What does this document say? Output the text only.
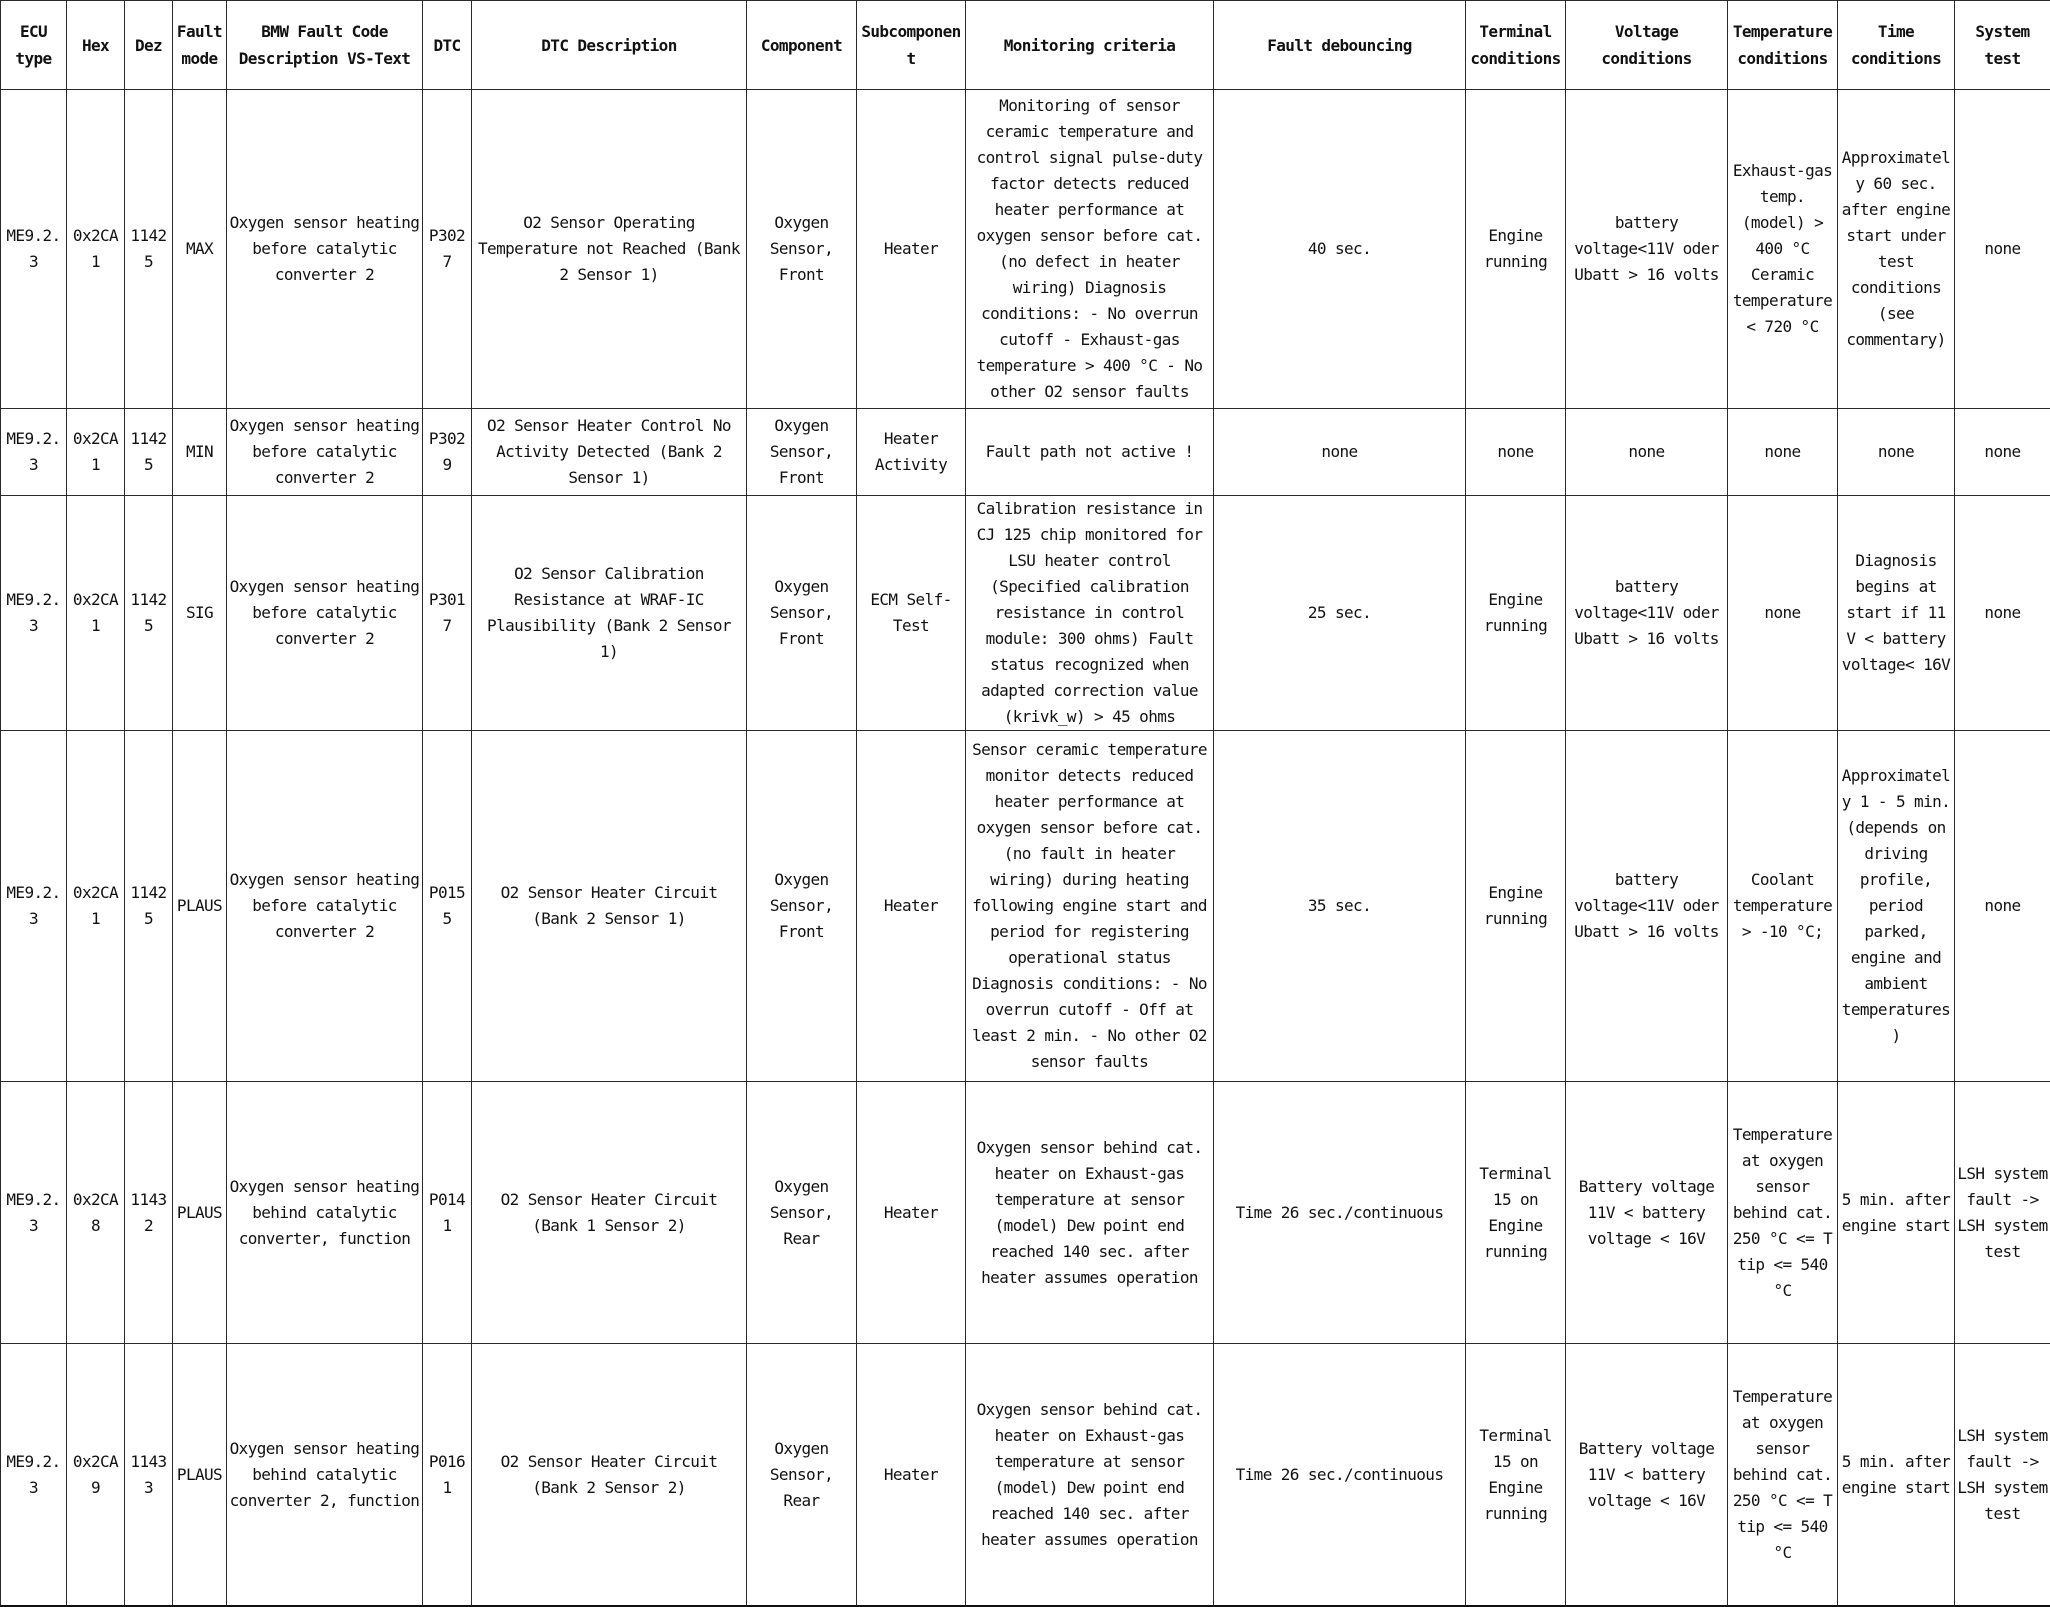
ECU type	Hex	Dez	Fault mode	BMW Fault Code Description VS-Text	DTC	DTC Description	Component	Subcomponent	Monitoring criteria	Fault debouncing	Terminal conditions	Voltage conditions	Temperature conditions	Time conditions	System test
ME9.2.3	0x2CA1	11425	MAX	Oxygen sensor heating before catalytic converter 2	P3027	O2 Sensor Operating Temperature not Reached (Bank 2 Sensor 1)	Oxygen Sensor, Front	Heater	Monitoring of sensor ceramic temperature and control signal pulse-duty factor detects reduced heater performance at oxygen sensor before cat. (no defect in heater wiring) Diagnosis conditions: - No overrun cutoff - Exhaust-gas temperature > 400 °C - No other O2 sensor faults	40 sec.	Engine running	battery voltage<11V oder Ubatt > 16 volts	Exhaust-gas temp. (model) > 400 °C Ceramic temperature < 720 °C	Approximately 60 sec. after engine start under test conditions (see commentary)	none
ME9.2.3	0x2CA1	11425	MIN	Oxygen sensor heating before catalytic converter 2	P3029	O2 Sensor Heater Control No Activity Detected (Bank 2 Sensor 1)	Oxygen Sensor, Front	Heater Activity	Fault path not active !	none	none	none	none	none	none
ME9.2.3	0x2CA1	11425	SIG	Oxygen sensor heating before catalytic converter 2	P3017	O2 Sensor Calibration Resistance at WRAF-IC Plausibility (Bank 2 Sensor 1)	Oxygen Sensor, Front	ECM Self-Test	Calibration resistance in CJ 125 chip monitored for LSU heater control (Specified calibration resistance in control module: 300 ohms) Fault status recognized when adapted correction value (krivk_w) > 45 ohms	25 sec.	Engine running	battery voltage<11V oder Ubatt > 16 volts	none	Diagnosis begins at start if 11 V < battery voltage< 16V	none
ME9.2.3	0x2CA1	11425	PLAUS	Oxygen sensor heating before catalytic converter 2	P0155	O2 Sensor Heater Circuit (Bank 2 Sensor 1)	Oxygen Sensor, Front	Heater	Sensor ceramic temperature monitor detects reduced heater performance at oxygen sensor before cat. (no fault in heater wiring) during heating following engine start and period for registering operational status Diagnosis conditions: - No overrun cutoff - Off at least 2 min. - No other O2 sensor faults	35 sec.	Engine running	battery voltage<11V oder Ubatt > 16 volts	Coolant temperature > -10 °C;	Approximately 1 - 5 min. (depends on driving profile, period parked, engine and ambient temperatures)	none
ME9.2.3	0x2CA8	11432	PLAUS	Oxygen sensor heating behind catalytic converter, function	P0141	O2 Sensor Heater Circuit (Bank 1 Sensor 2)	Oxygen Sensor, Rear	Heater	Oxygen sensor behind cat. heater on Exhaust-gas temperature at sensor (model) Dew point end reached 140 sec. after heater assumes operation	Time 26 sec./continuous	Terminal 15 on Engine running	Battery voltage 11V < battery voltage < 16V	Temperature at oxygen sensor behind cat. 250 °C <= T tip <= 540 °C	5 min. after engine start	LSH system fault -> LSH system test
ME9.2.3	0x2CA9	11433	PLAUS	Oxygen sensor heating behind catalytic converter 2, function	P0161	O2 Sensor Heater Circuit (Bank 2 Sensor 2)	Oxygen Sensor, Rear	Heater	Oxygen sensor behind cat. heater on Exhaust-gas temperature at sensor (model) Dew point end reached 140 sec. after heater assumes operation	Time 26 sec./continuous	Terminal 15 on Engine running	Battery voltage 11V < battery voltage < 16V	Temperature at oxygen sensor behind cat. 250 °C <= T tip <= 540 °C	5 min. after engine start	LSH system fault -> LSH system test
